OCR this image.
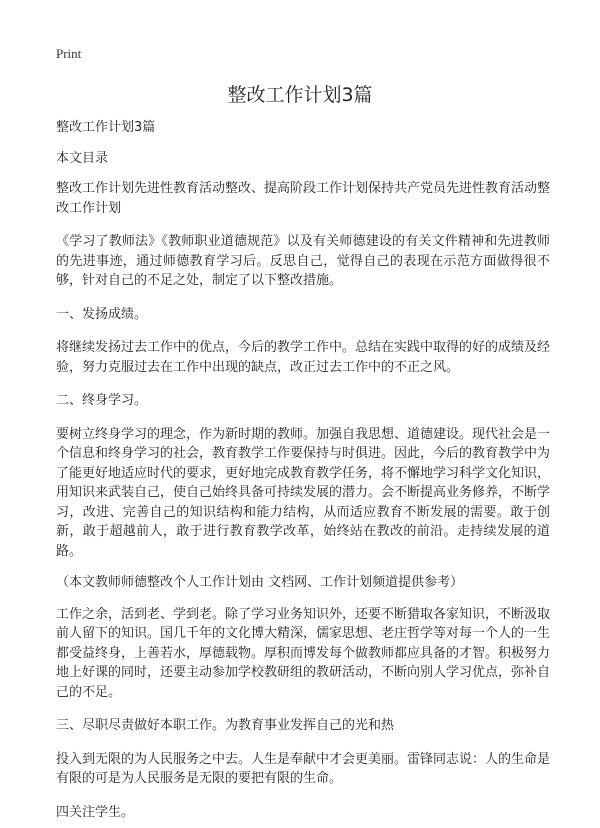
Print
整改工作计划3篇

整改工作计划3篇

本文目录

整改工作计划先进性教育活动整改、提高阶段工作计划保持共产党员先进性教育活动整改工作计划

《学习了教师法》《教师职业道德规范》以及有关师德建设的有关文件精神和先进教师的先进事迹，通过师德教育学习后。反思自己，觉得自己的表现在示范方面做得很不够，针对自己的不足之处，制定了以下整改措施。

一、发扬成绩。

将继续发扬过去工作中的优点，今后的教学工作中。总结在实践中取得的好的成绩及经验，努力克服过去在工作中出现的缺点，改正过去工作中的不正之风。

二、终身学习。

要树立终身学习的理念，作为新时期的教师。加强自我思想、道德建设。现代社会是一个信息和终身学习的社会，教育教学工作要保持与时俱进。因此，今后的教育教学中为了能更好地适应时代的要求，更好地完成教育教学任务，将不懈地学习科学文化知识，用知识来武装自己，使自己始终具备可持续发展的潜力。会不断提高业务修养，不断学习，改进、完善自己的知识结构和能力结构，从而适应教育不断发展的需要。敢于创新，敢于超越前人，敢于进行教育教学改革，始终站在教改的前沿。走持续发展的道路。

（本文教师师德整改个人工作计划由 文档网、工作计划频道提供参考）

工作之余，活到老、学到老。除了学习业务知识外，还要不断猎取各家知识，不断汲取前人留下的知识。国几千年的文化博大精深，儒家思想、老庄哲学等对每一个人的一生都受益终身，上善若水，厚德载物。厚积而博发每个做教师都应具备的才智。积极努力地上好课的同时，还要主动参加学校教研组的教研活动，不断向别人学习优点，弥补自己的不足。

三、尽职尽责做好本职工作。为教育事业发挥自己的光和热

投入到无限的为人民服务之中去。人生是奉献中才会更美丽。雷锋同志说：人的生命是有限的可是为人民服务是无限的要把有限的生命。

四关注学生。
